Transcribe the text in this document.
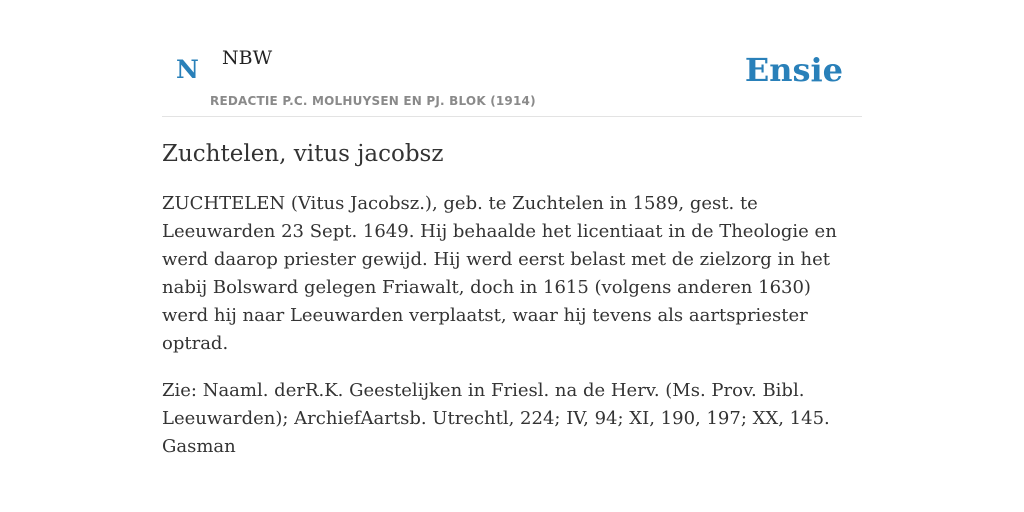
N NBW
REDACTIE P.C. MOLHUYSEN EN PJ. BLOK (1914)
Ensie
Zuchtelen, vitus jacobsz

ZUCHTELEN (Vitus Jacobsz.), geb. te Zuchtelen in 1589, gest. te Leeuwarden 23 Sept. 1649. Hij behaalde het licentiaat in de Theologie en werd daarop priester gewijd. Hij werd eerst belast met de zielzorg in het nabij Bolsward gelegen Friawalt, doch in 1615 (volgens anderen 1630) werd hij naar Leeuwarden verplaatst, waar hij tevens als aartspriester optrad.

Zie: Naaml. derR.K. Geestelijken in Friesl. na de Herv. (Ms. Prov. Bibl. Leeuwarden); ArchiefAartsb. Utrechtl, 224; IV, 94; XI, 190, 197; XX, 145. Gasman
